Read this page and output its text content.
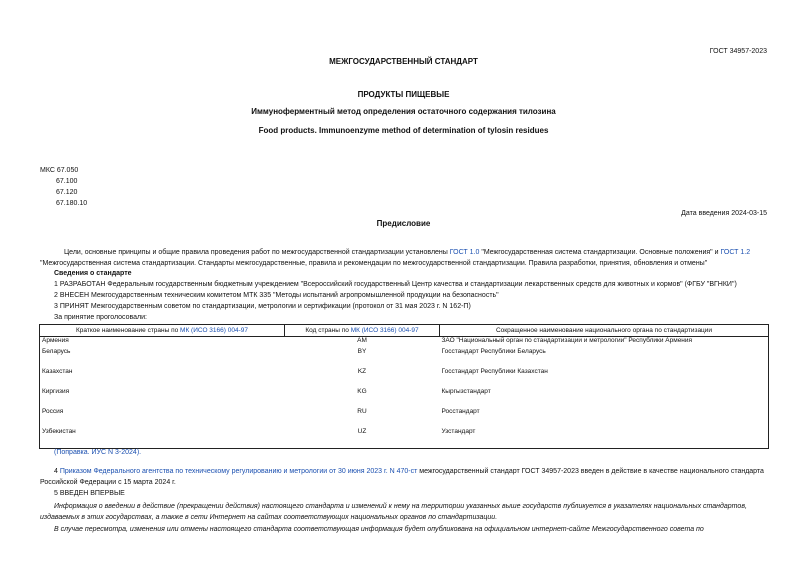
ГОСТ 34957-2023
МЕЖГОСУДАРСТВЕННЫЙ СТАНДАРТ
ПРОДУКТЫ ПИЩЕВЫЕ
Иммуноферментный метод определения остаточного содержания тилозина
Food products. Immunoenzyme method of determination of tylosin residues
МКС 67.050
67.100
67.120
67.180.10
Дата введения 2024-03-15
Предисловие
Цели, основные принципы и общие правила проведения работ по межгосударственной стандартизации установлены ГОСТ 1.0 "Межгосударственная система стандартизации. Основные положения" и ГОСТ 1.2 "Межгосударственная система стандартизации. Стандарты межгосударственные, правила и рекомендации по межгосударственной стандартизации. Правила разработки, принятия, обновления и отмены"
Сведения о стандарте
1 РАЗРАБОТАН Федеральным государственным бюджетным учреждением "Всероссийский государственный Центр качества и стандартизации лекарственных средств для животных и кормов" (ФГБУ "ВГНКИ")
2 ВНЕСЕН Межгосударственным техническим комитетом МТК 335 "Методы испытаний агропромышленной продукции на безопасность"
3 ПРИНЯТ Межгосударственным советом по стандартизации, метрологии и сертификации (протокол от 31 мая 2023 г. N 162-П)
За принятие проголосовали:
Краткое наименование страны по МК (ИСО 3166) 004-97	Код страны по МК (ИСО 3166) 004-97	Сокращенное наименование национального органа по стандартизации
Армения	AM	ЗАО "Национальный орган по стандартизации и метрологии" Республики Армения
Беларусь	BY	Госстандарт Республики Беларусь
Казахстан	KZ	Госстандарт Республики Казахстан
Киргизия	KG	Кыргызстандарт
Россия	RU	Росстандарт
Узбекистан	UZ	Узстандарт
(Поправка. ИУС N 3-2024).
4 Приказом Федерального агентства по техническому регулированию и метрологии от 30 июня 2023 г. N 470-ст межгосударственный стандарт ГОСТ 34957-2023 введен в действие в качестве национального стандарта Российской Федерации с 15 марта 2024 г.
5 ВВЕДЕН ВПЕРВЫЕ
Информация о введении в действие (прекращении действия) настоящего стандарта и изменений к нему на территории указанных выше государств публикуется в указателях национальных стандартов, издаваемых в этих государствах, а также в сети Интернет на сайтах соответствующих национальных органов по стандартизации.
В случае пересмотра, изменения или отмены настоящего стандарта соответствующая информация будет опубликована на официальном интернет-сайте Межгосударственного совета по
